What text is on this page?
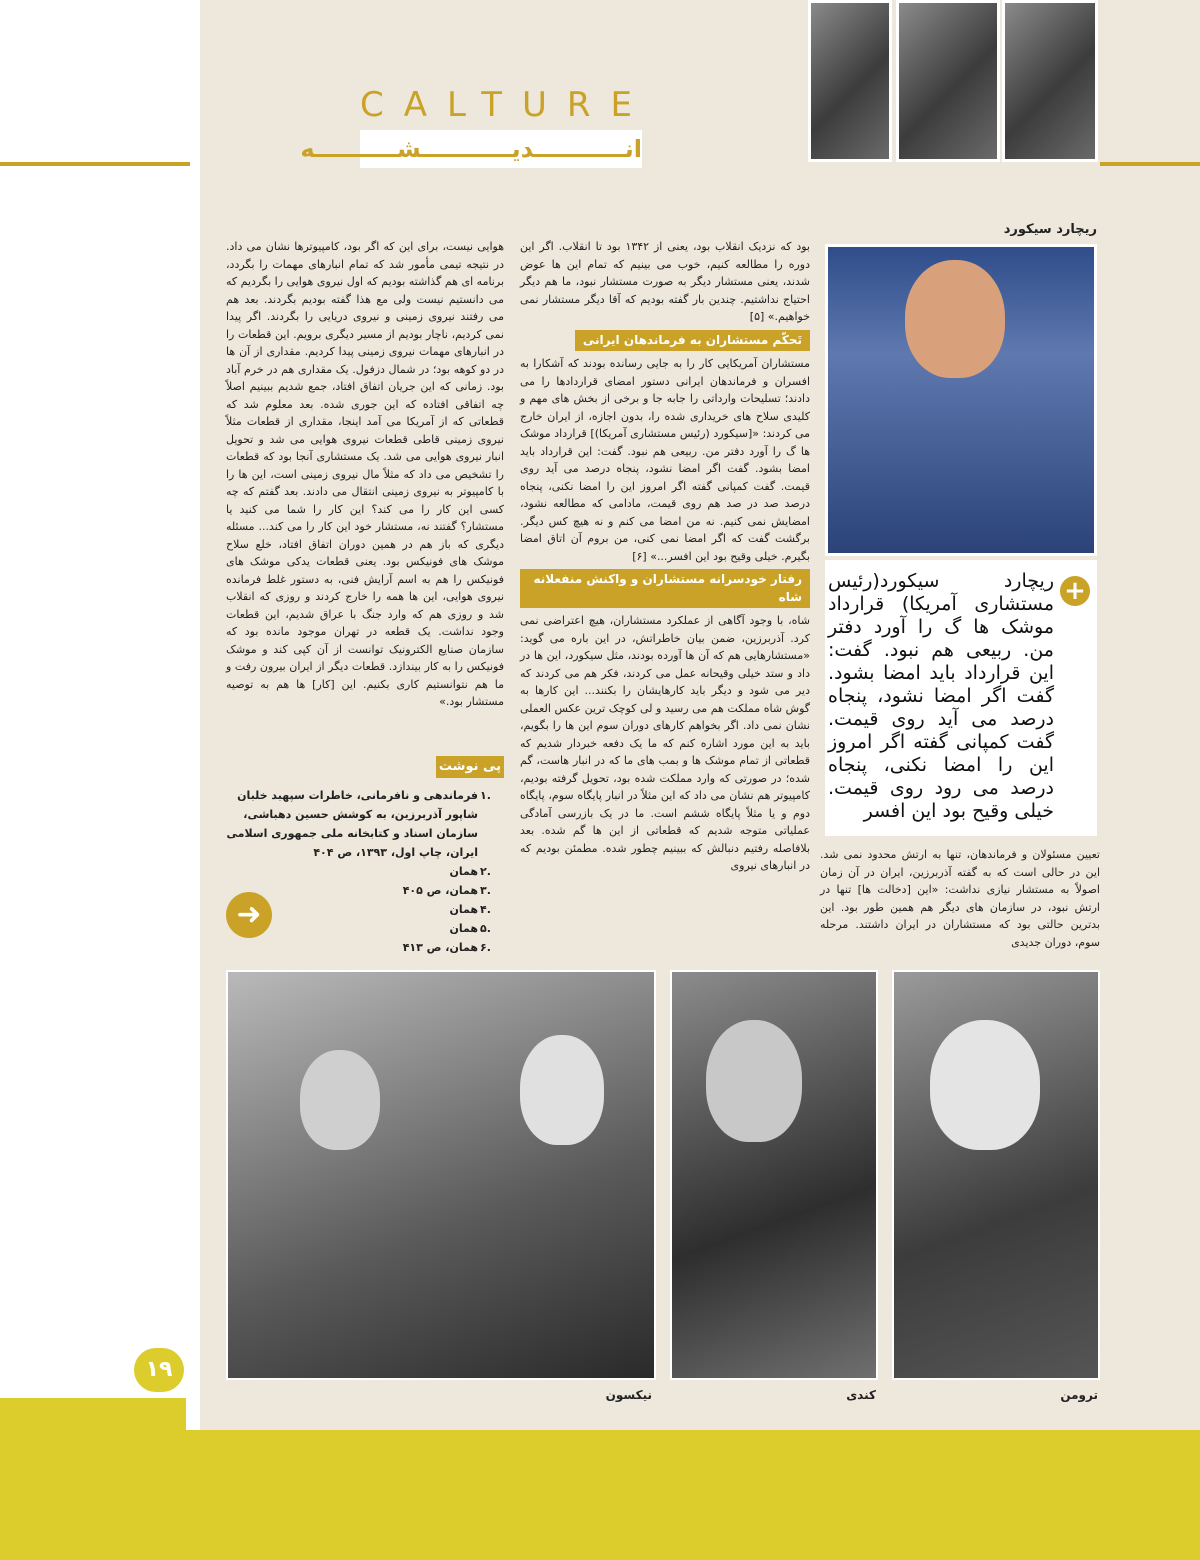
CALTURE
انـــــــــــدیـــــــــــشــــــــــه
ریچارد سیکورد
+
ریچارد سیکورد(رئیس مستشاری آمریکا) قرارداد موشک ها گ را آورد دفتر من. ربیعی هم نبود. گفت: این قرارداد باید امضا بشود. گفت اگر امضا نشود، پنجاه درصد می آید روی قیمت. گفت کمپانی گفته اگر امروز این را امضا نکنی، پنجاه درصد می رود روی قیمت. خیلی وقیح بود این افسر
تعیین مسئولان و فرماندهان، تنها به ارتش محدود نمی شد. این در حالی است که به گفته آذربرزین، ایران در آن زمان اصولاً به مستشار نیازی نداشت: «این [دخالت ها] تنها در ارتش نبود، در سازمان های دیگر هم همین طور بود. این بدترین حالتی بود که مستشاران در ایران داشتند. مرحله سوم، دوران جدیدی

بود که نزدیک انقلاب بود، یعنی از ۱۳۴۲ بود تا انقلاب. اگر این دوره را مطالعه کنیم، خوب می بینیم که تمام این ها عوض شدند، یعنی مستشار دیگر به صورت مستشار نبود، ما هم دیگر احتیاج نداشتیم. چندین بار گفته بودیم که آقا دیگر مستشار نمی خواهیم.» [۵]

تَحکّم مستشاران به فرماندهان ایرانی

مستشاران آمریکایی کار را به جایی رسانده بودند که آشکارا به افسران و فرماندهان ایرانی دستور امضای قراردادها را می دادند؛ تسلیحات وارداتی را جابه جا و برخی از بخش های مهم و کلیدی سلاح های خریداری شده را، بدون اجازه، از ایران خارج می کردند: «[سیکورد (رئیس مستشاری آمریکا)] قرارداد موشک ها گ را آورد دفتر من. ربیعی هم نبود. گفت: این قرارداد باید امضا بشود. گفت اگر امضا نشود، پنجاه درصد می آید روی قیمت. گفت کمپانی گفته اگر امروز این را امضا نکنی، پنجاه درصد صد در صد هم روی قیمت، مادامی که مطالعه نشود، امضایش نمی کنیم. نه من امضا می کنم و نه هیچ کس دیگر. برگشت گفت که اگر امضا نمی کنی، من بروم آن اتاق امضا بگیرم. خیلی وقیح بود این افسر...» [۶]

رفتار خودسرانه مستشاران و واکنش منفعلانه شاه

شاه، با وجود آگاهی از عملکرد مستشاران، هیچ اعتراضی نمی کرد. آذربرزین، ضمن بیان خاطراتش، در این باره می گوید: «مستشارهایی هم که آن ها آورده بودند، مثل سیکورد، این ها در داد و ستد خیلی وقیحانه عمل می کردند، فکر هم می کردند که دیر می شود و دیگر باید کارهایشان را بکنند... این کارها به گوش شاه مملکت هم می رسید و لی کوچک ترین عکس العملی نشان نمی داد. اگر بخواهم کارهای دوران سوم این ها را بگویم، باید به این مورد اشاره کنم که ما یک دفعه خبردار شدیم که قطعاتی از تمام موشک ها و بمب های ما که در انبار هاست، گم شده؛ در صورتی که وارد مملکت شده بود، تحویل گرفته بودیم، کامپیوتر هم نشان می داد که این مثلاً در انبار پایگاه سوم، پایگاه دوم و یا مثلاً پایگاه ششم است. ما در یک بازرسی آمادگی عملیاتی متوجه شدیم که قطعاتی از این ها گم شده. بعد بلافاصله رفتیم دنبالش که ببینیم چطور شده. مطمئن بودیم که در انبارهای نیروی

هوایی نیست، برای این که اگر بود، کامپیوترها نشان می داد. در نتیجه تیمی مأمور شد که تمام انبارهای مهمات را بگردد، برنامه ای هم گذاشته بودیم که اول نیروی هوایی را بگردیم که می دانستیم نیست ولی مع هذا گفته بودیم بگردند. بعد هم می رفتند نیروی زمینی و نیروی دریایی را بگردند. اگر پیدا نمی کردیم، ناچار بودیم از مسیر دیگری برویم. این قطعات را در انبارهای مهمات نیروی زمینی پیدا کردیم. مقداری از آن ها در دو کوهه بود؛ در شمال دزفول. یک مقداری هم در خرم آباد بود. زمانی که این جریان اتفاق افتاد، جمع شدیم ببینیم اصلاً چه اتفاقی افتاده که این جوری شده. بعد معلوم شد که قطعاتی که از آمریکا می آمد اینجا، مقداری از قطعات مثلاً نیروی زمینی قاطی قطعات نیروی هوایی می شد و تحویل انبار نیروی هوایی می شد. یک مستشاری آنجا بود که قطعات را تشخیص می داد که مثلاً مال نیروی زمینی است، این ها را با کامپیوتر به نیروی زمینی انتقال می دادند. بعد گفتم که چه کسی این کار را می کند؟ این کار را شما می کنید یا مستشار؟ گفتند نه، مستشار خود این کار را می کند... مسئله دیگری که باز هم در همین دوران اتفاق افتاد، خلع سلاح موشک های فونیکس بود. یعنی قطعات یدکی موشک های فونیکس را هم به اسم آرایش فنی، به دستور غلط فرمانده نیروی هوایی، این ها همه را خارج کردند و روزی که انقلاب شد و روزی هم که وارد جنگ با عراق شدیم، این قطعات وجود نداشت. یک قطعه در تهران موجود مانده بود که سازمان صنایع الکترونیک توانست از آن کپی کند و موشک فونیکس را به کار بیندازد. قطعات دیگر از ایران بیرون رفت و ما هم نتوانستیم کاری بکنیم. این [کار] ها هم به توصیه مستشار بود.»

پی نوشت
.۱
فرماندهی و نافرمانی، خاطرات سپهبد خلبان شاپور آذربرزین، به کوشش حسین دهباشی، سازمان اسناد و کتابخانه ملی جمهوری اسلامی ایران، چاپ اول، ۱۳۹۳، ص ۴۰۴
.۲
همان
.۳
همان، ص ۴۰۵
.۴
همان
.۵
همان
.۶
همان، ص ۴۱۳
➜
نیکسون	کندی	ترومن
۱۹
